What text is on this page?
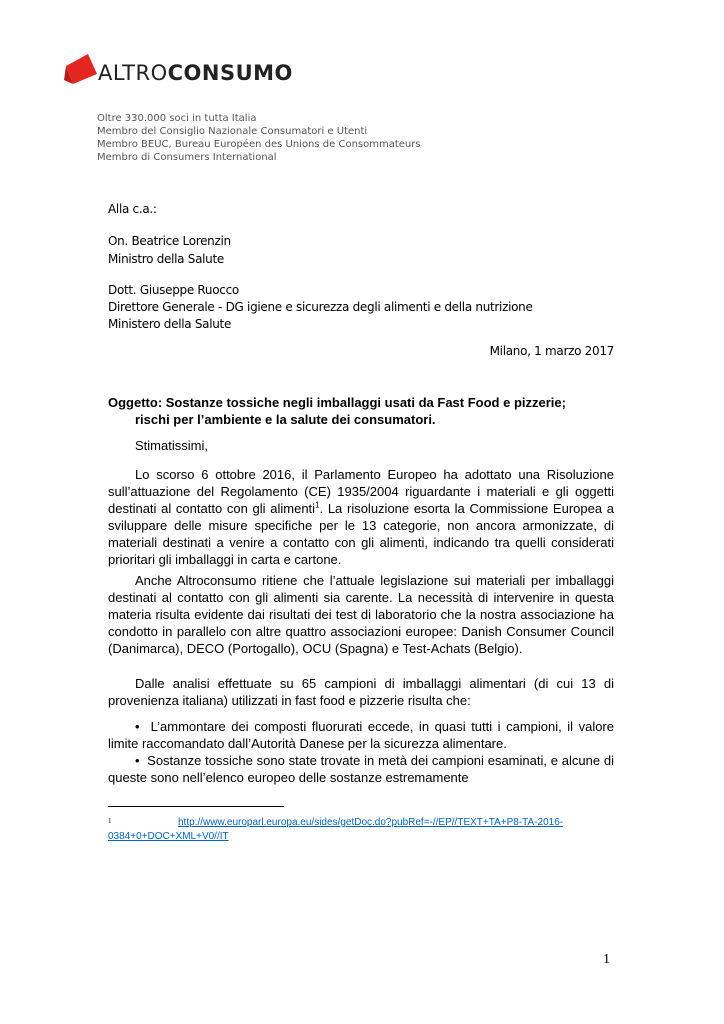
ALTROCONSUMO
Oltre 330.000 soci in tutta Italia
Membro del Consiglio Nazionale Consumatori e Utenti
Membro BEUC, Bureau Européen des Unions de Consommateurs
Membro di Consumers International
Alla c.a.:
On. Beatrice Lorenzin
Ministro della Salute
Dott. Giuseppe Ruocco
Direttore Generale - DG igiene e sicurezza degli alimenti e della nutrizione
Ministero della Salute
Milano, 1 marzo 2017
Oggetto: Sostanze tossiche negli imballaggi usati da Fast Food e pizzerie;
rischi per l’ambiente e la salute dei consumatori.
Stimatissimi,
Lo scorso 6 ottobre 2016, il Parlamento Europeo ha adottato una Risoluzione sull’attuazione del Regolamento (CE) 1935/2004 riguardante i materiali e gli oggetti destinati al contatto con gli alimenti$^1$. La risoluzione esorta la Commissione Europea a sviluppare delle misure specifiche per le 13 categorie, non ancora armonizzate, di materiali destinati a venire a contatto con gli alimenti, indicando tra quelli considerati prioritari gli imballaggi in carta e cartone.
Anche Altroconsumo ritiene che l’attuale legislazione sui materiali per imballaggi destinati al contatto con gli alimenti sia carente. La necessità di intervenire in questa materia risulta evidente dai risultati dei test di laboratorio che la nostra associazione ha condotto in parallelo con altre quattro associazioni europee: Danish Consumer Council (Danimarca), DECO (Portogallo), OCU (Spagna) e Test-Achats (Belgio).
Dalle analisi effettuate su 65 campioni di imballaggi alimentari (di cui 13 di provenienza italiana) utilizzati in fast food e pizzerie risulta che:
•  L’ammontare dei composti fluorurati eccede, in quasi tutti i campioni, il valore limite raccomandato dall’Autorità Danese per la sicurezza alimentare.
•  Sostanze tossiche sono state trovate in metà dei campioni esaminati, e alcune di queste sono nell’elenco europeo delle sostanze estremamente
1	http://www.europarl.europa.eu/sides/getDoc.do?pubRef=-//EP//TEXT+TA+P8-TA-2016-0384+0+DOC+XML+V0//IT
1
